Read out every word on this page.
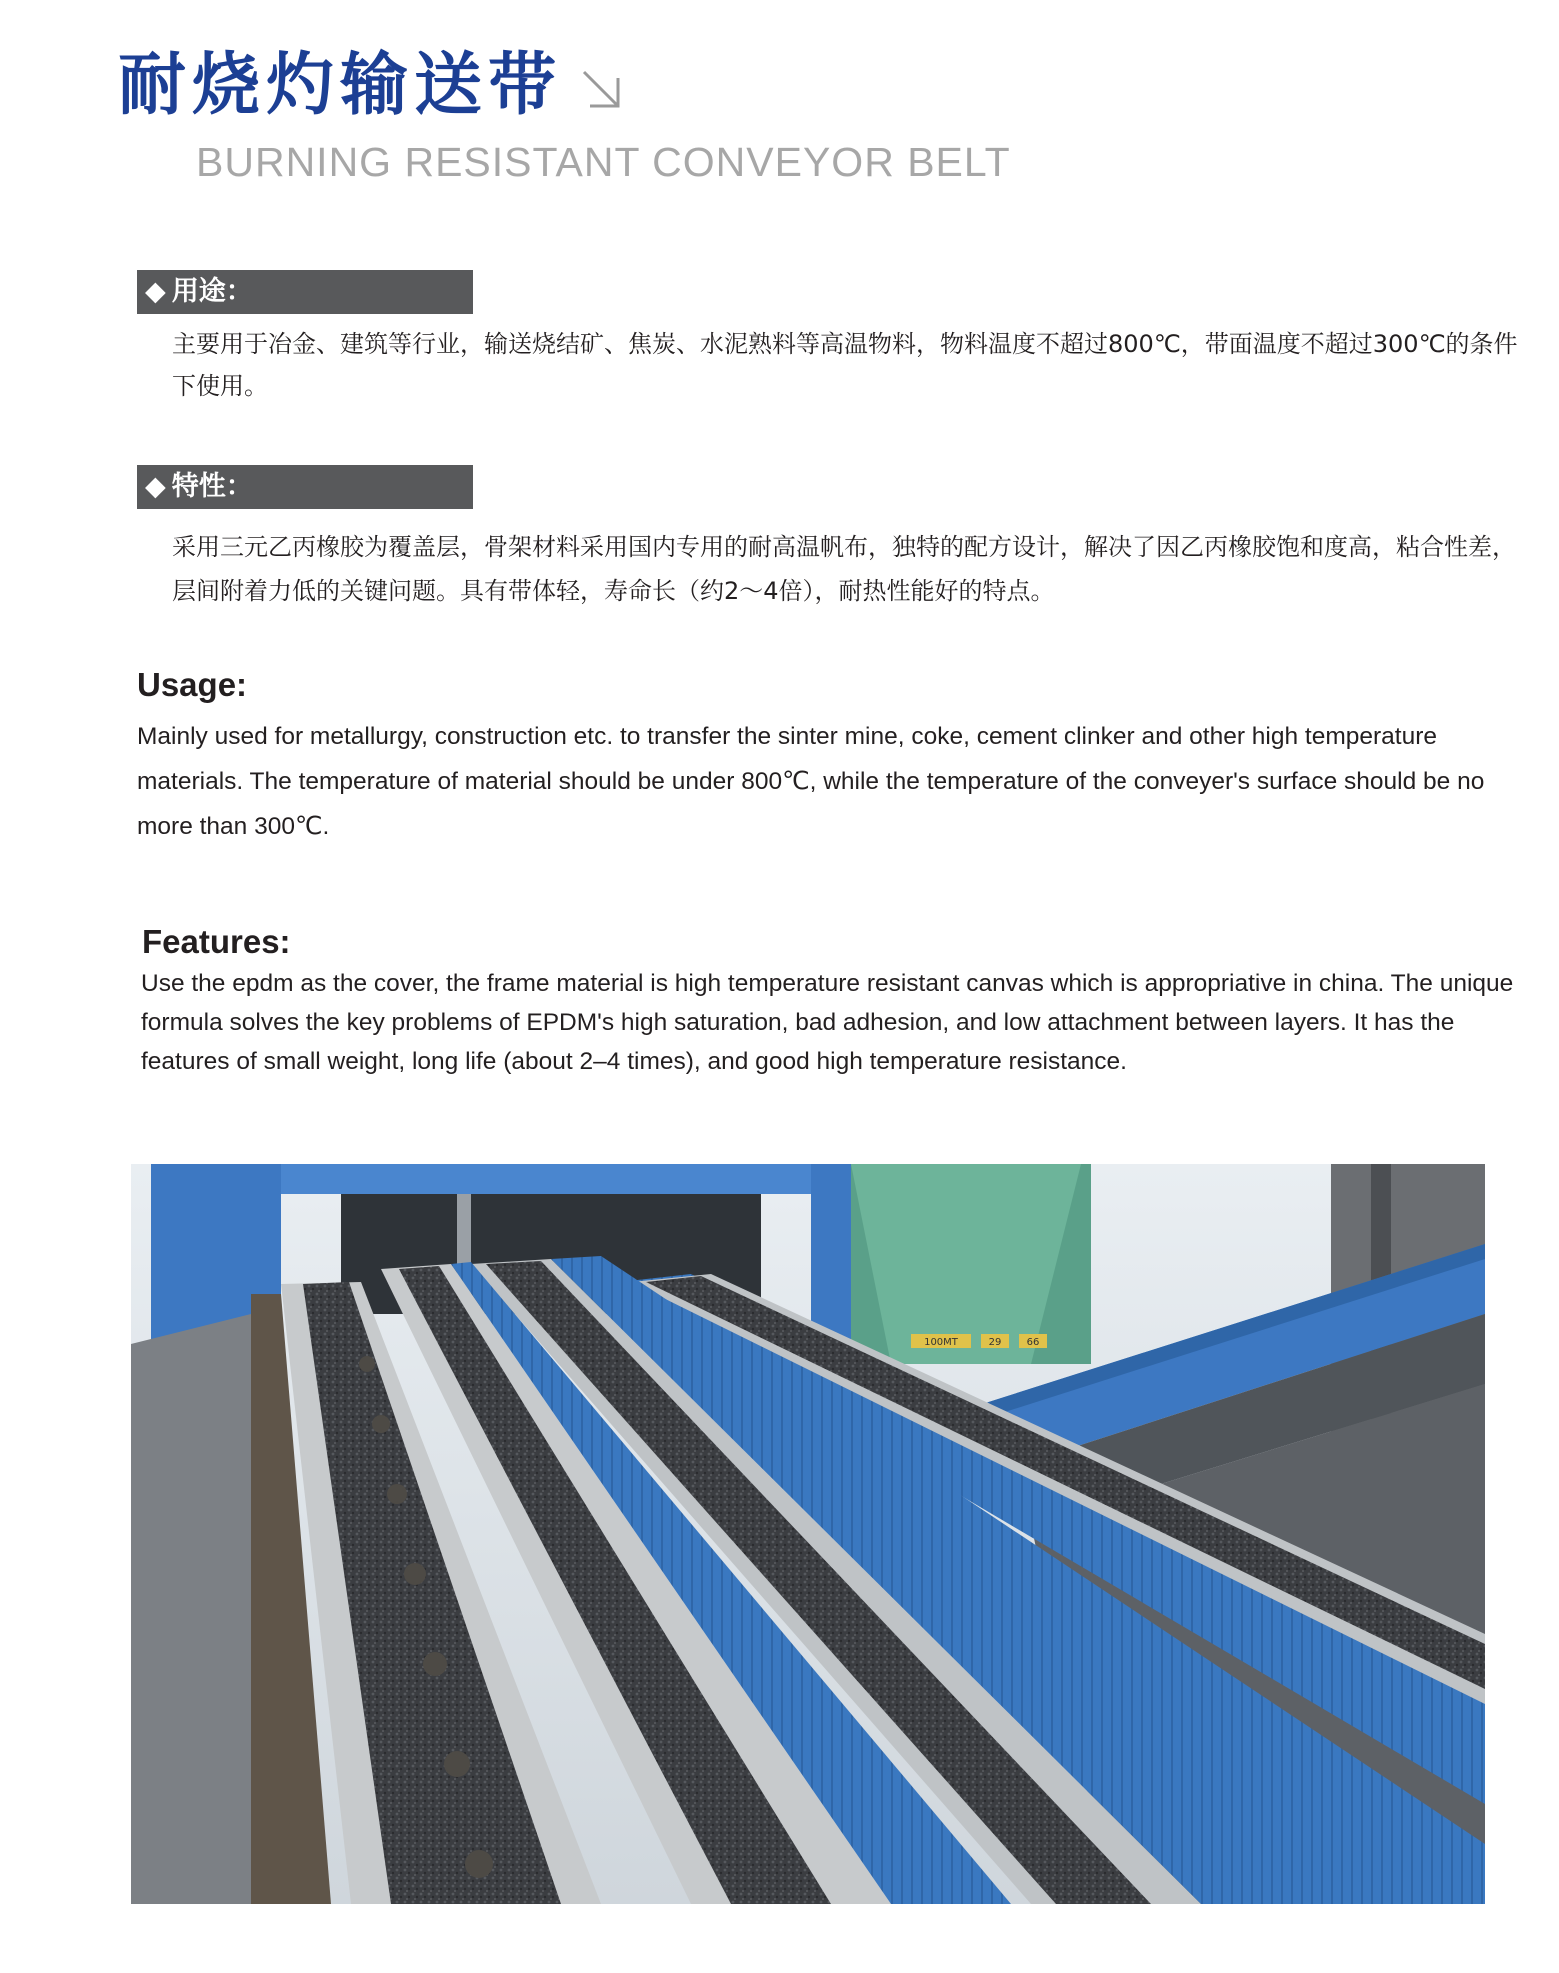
耐烧灼输送带
BURNING RESISTANT CONVEYOR BELT
◆ 用途：
主要用于冶金、建筑等行业，输送烧结矿、焦炭、水泥熟料等高温物料，物料温度不超过800℃，带面温度不超过300℃的条件下使用。
◆ 特性：
采用三元乙丙橡胶为覆盖层，骨架材料采用国内专用的耐高温帆布，独特的配方设计，解决了因乙丙橡胶饱和度高，粘合性差，层间附着力低的关键问题。具有带体轻，寿命长（约2～4倍），耐热性能好的特点。
Usage:
Mainly used for metallurgy, construction etc. to transfer the sinter mine, coke, cement clinker and other high temperature materials. The temperature of material should be under 800℃, while the temperature of the conveyer's surface should be no more than 300℃.
Features:
Use the epdm as the cover, the frame material is high temperature resistant canvas which is appropriative in china. The unique formula solves the key problems of EPDM's high saturation, bad adhesion, and low attachment between layers. It has the features of small weight, long life (about 2–4 times), and good high temperature resistance.
100MT	29	66
